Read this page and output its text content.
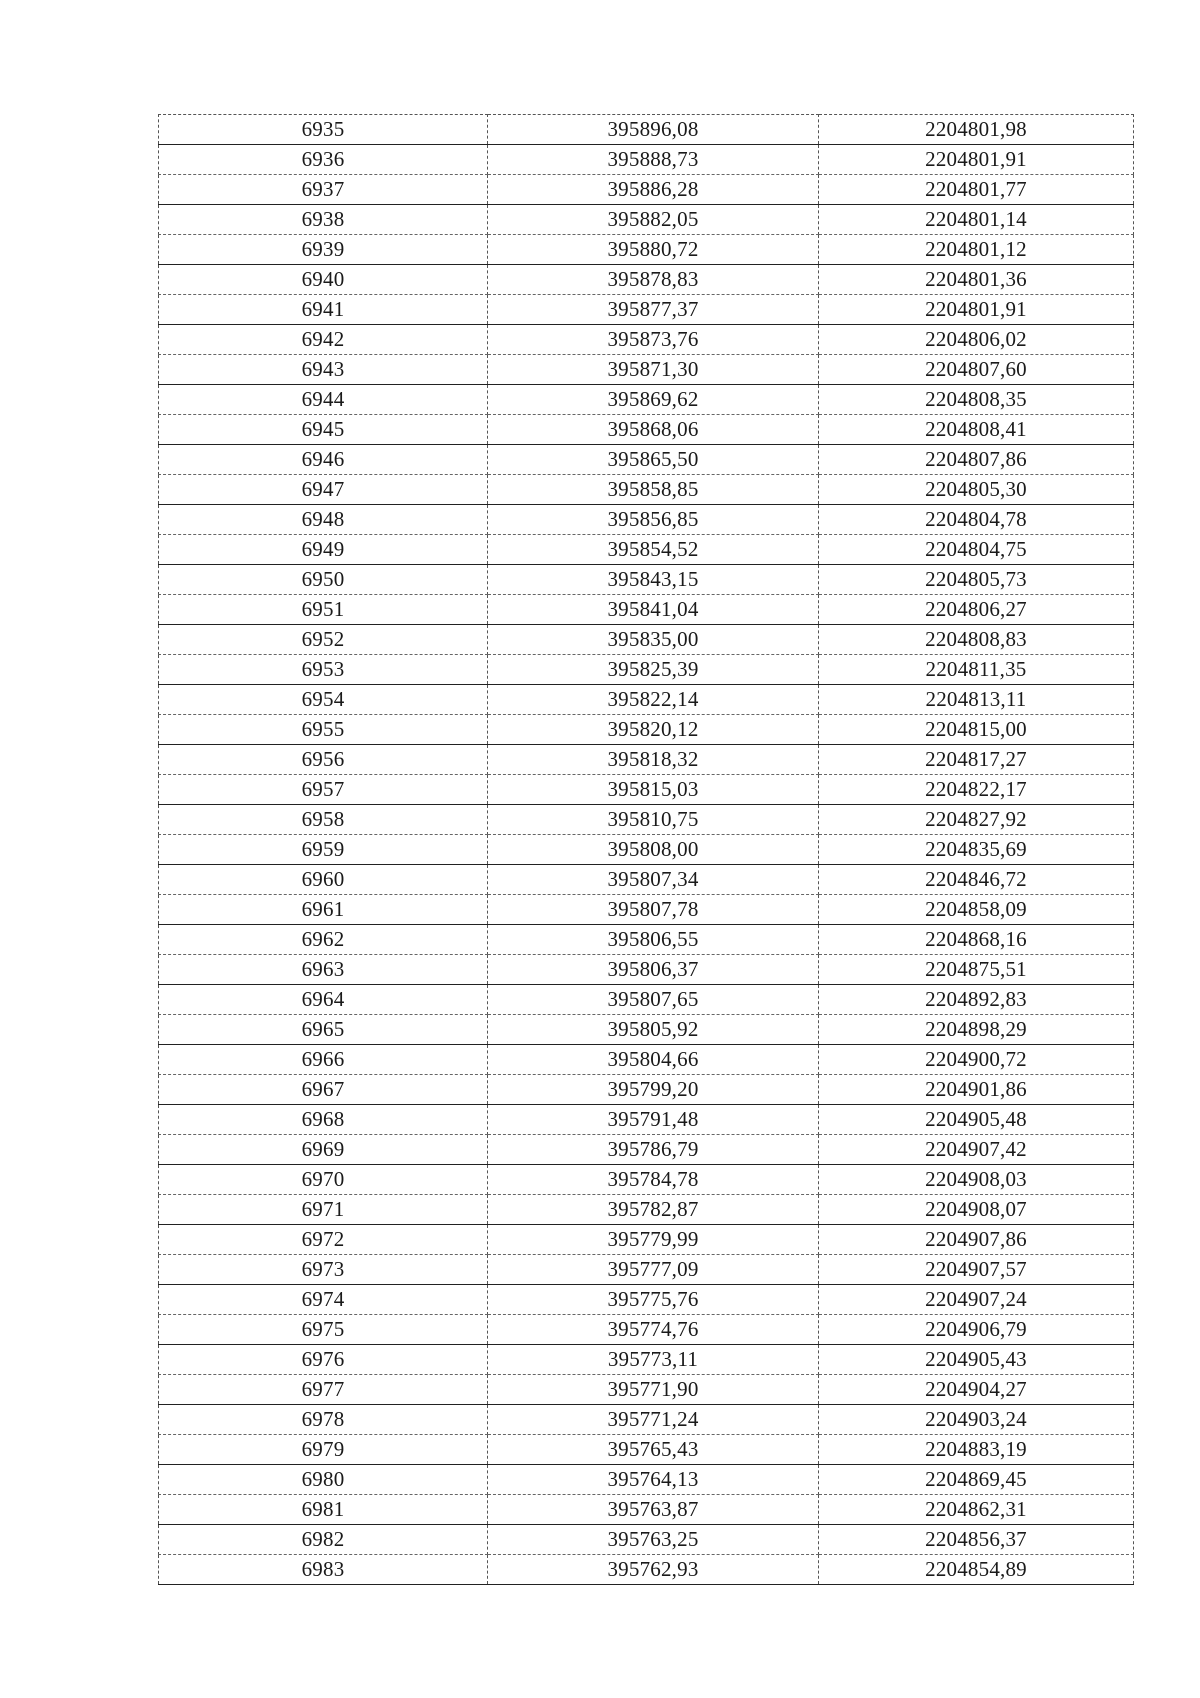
6935	395896,08	2204801,98
6936	395888,73	2204801,91
6937	395886,28	2204801,77
6938	395882,05	2204801,14
6939	395880,72	2204801,12
6940	395878,83	2204801,36
6941	395877,37	2204801,91
6942	395873,76	2204806,02
6943	395871,30	2204807,60
6944	395869,62	2204808,35
6945	395868,06	2204808,41
6946	395865,50	2204807,86
6947	395858,85	2204805,30
6948	395856,85	2204804,78
6949	395854,52	2204804,75
6950	395843,15	2204805,73
6951	395841,04	2204806,27
6952	395835,00	2204808,83
6953	395825,39	2204811,35
6954	395822,14	2204813,11
6955	395820,12	2204815,00
6956	395818,32	2204817,27
6957	395815,03	2204822,17
6958	395810,75	2204827,92
6959	395808,00	2204835,69
6960	395807,34	2204846,72
6961	395807,78	2204858,09
6962	395806,55	2204868,16
6963	395806,37	2204875,51
6964	395807,65	2204892,83
6965	395805,92	2204898,29
6966	395804,66	2204900,72
6967	395799,20	2204901,86
6968	395791,48	2204905,48
6969	395786,79	2204907,42
6970	395784,78	2204908,03
6971	395782,87	2204908,07
6972	395779,99	2204907,86
6973	395777,09	2204907,57
6974	395775,76	2204907,24
6975	395774,76	2204906,79
6976	395773,11	2204905,43
6977	395771,90	2204904,27
6978	395771,24	2204903,24
6979	395765,43	2204883,19
6980	395764,13	2204869,45
6981	395763,87	2204862,31
6982	395763,25	2204856,37
6983	395762,93	2204854,89
